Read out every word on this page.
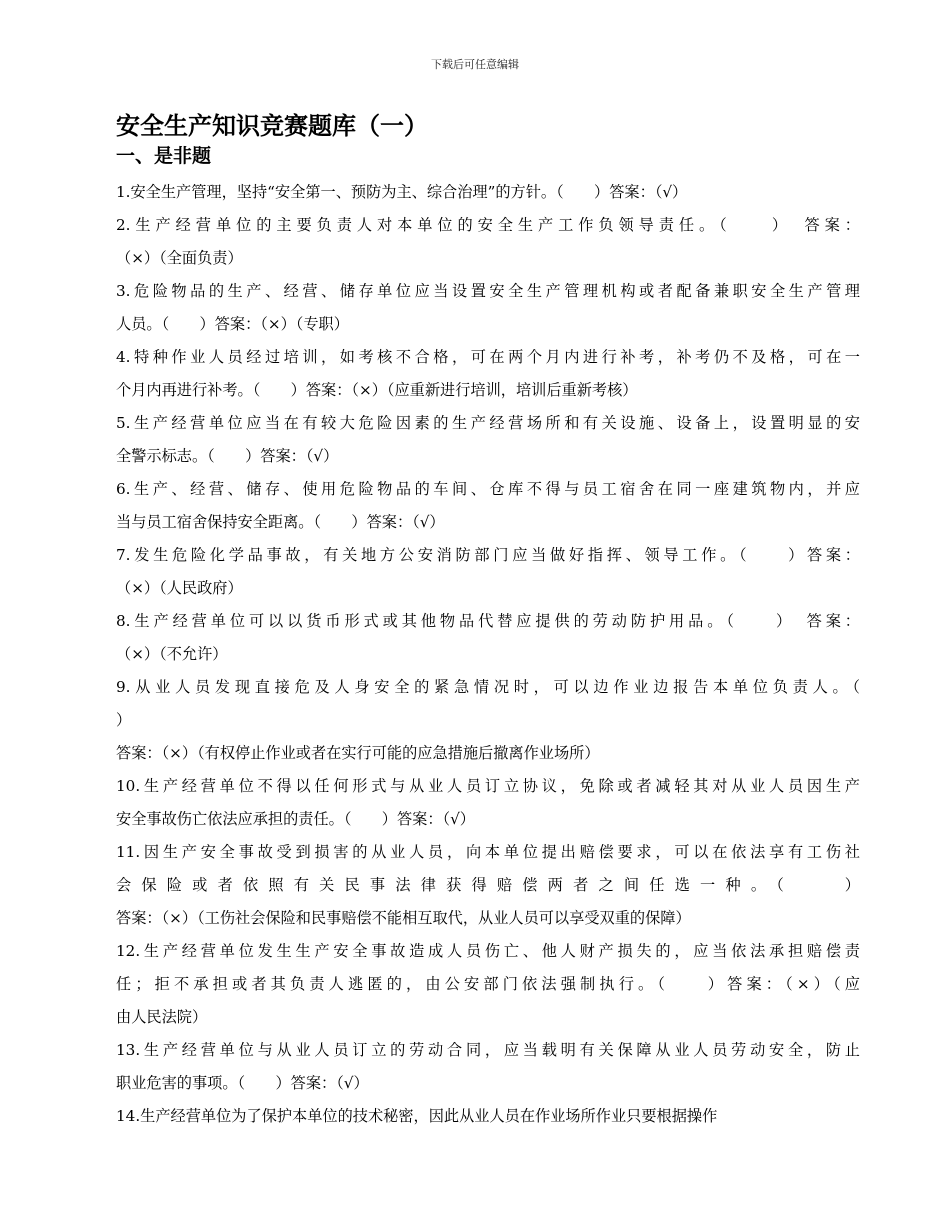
下载后可任意编辑
安全生产知识竞赛题库（一）
一、是非题

1.安全生产管理，坚持“安全第一、预防为主、综合治理”的方针。（　　）答案：（√）

2.生产经营单位的主要负责人对本单位的安全生产工作负领导责任。（　　）　答案：
（×）（全面负责）

3.危险物品的生产、经营、储存单位应当设置安全生产管理机构或者配备兼职安全生产管理
人员。（　　）答案：（×）（专职）

4.特种作业人员经过培训，如考核不合格，可在两个月内进行补考，补考仍不及格，可在一
个月内再进行补考。（　　）答案：（×）（应重新进行培训，培训后重新考核）

5.生产经营单位应当在有较大危险因素的生产经营场所和有关设施、设备上，设置明显的安
全警示标志。（　　）答案：（√）

6.生产、经营、储存、使用危险物品的车间、仓库不得与员工宿舍在同一座建筑物内，并应
当与员工宿舍保持安全距离。（　　）答案：（√）

7.发生危险化学品事故，有关地方公安消防部门应当做好指挥、领导工作。（　　）答案：
（×）（人民政府）

8.生产经营单位可以以货币形式或其他物品代替应提供的劳动防护用品。（　　）　答案：
（×）（不允许）

9.从业人员发现直接危及人身安全的紧急情况时，可以边作业边报告本单位负责人。（
）
答案：（×）（有权停止作业或者在实行可能的应急措施后撤离作业场所）

10.生产经营单位不得以任何形式与从业人员订立协议，免除或者减轻其对从业人员因生产
安全事故伤亡依法应承担的责任。（　　）答案：（√）

11.因生产安全事故受到损害的从业人员，向本单位提出赔偿要求，可以在依法享有工伤社
会保险或者依照有关民事法律获得赔偿两者之间任选一种。（　　）
答案：（×）（工伤社会保险和民事赔偿不能相互取代，从业人员可以享受双重的保障）

12.生产经营单位发生生产安全事故造成人员伤亡、他人财产损失的，应当依法承担赔偿责
任；拒不承担或者其负责人逃匿的，由公安部门依法强制执行。（　　）答案：（×）（应
由人民法院）

13.生产经营单位与从业人员订立的劳动合同，应当载明有关保障从业人员劳动安全，防止
职业危害的事项。（　　）答案：（√）

14.生产经营单位为了保护本单位的技术秘密，因此从业人员在作业场所作业只要根据操作
